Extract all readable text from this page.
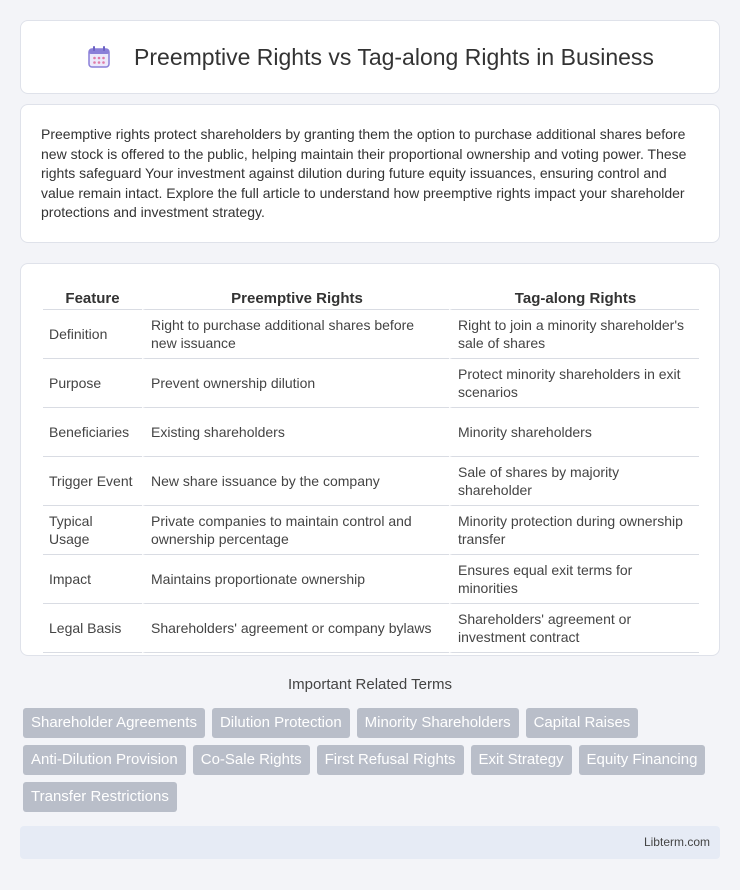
Preemptive Rights vs Tag-along Rights in Business

Preemptive rights protect shareholders by granting them the option to purchase additional shares before new stock is offered to the public, helping maintain their proportional ownership and voting power. These rights safeguard Your investment against dilution during future equity issuances, ensuring control and value remain intact. Explore the full article to understand how preemptive rights impact your shareholder protections and investment strategy.

Feature	Preemptive Rights	Tag-along Rights
Definition	Right to purchase additional shares before new issuance	Right to join a minority shareholder's sale of shares
Purpose	Prevent ownership dilution	Protect minority shareholders in exit scenarios
Beneficiaries	Existing shareholders	Minority shareholders
Trigger Event	New share issuance by the company	Sale of shares by majority shareholder
Typical Usage	Private companies to maintain control and ownership percentage	Minority protection during ownership transfer
Impact	Maintains proportionate ownership	Ensures equal exit terms for minorities
Legal Basis	Shareholders' agreement or company bylaws	Shareholders' agreement or investment contract
Important Related Terms
Shareholder Agreements	Dilution Protection	Minority Shareholders	Capital Raises
Anti-Dilution Provision	Co-Sale Rights	First Refusal Rights	Exit Strategy	Equity Financing
Transfer Restrictions
Libterm.com
